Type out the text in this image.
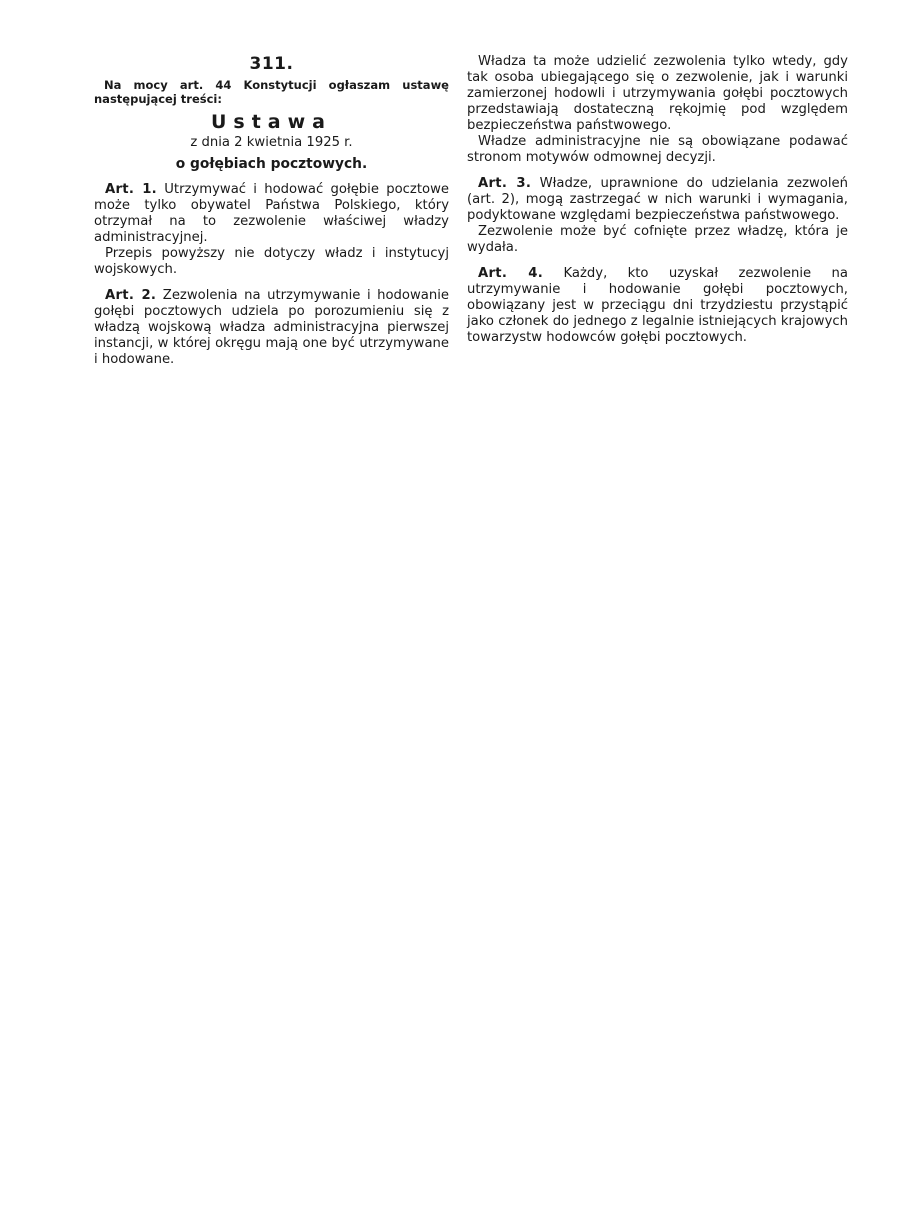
311.
Na mocy art. 44 Konstytucji ogłaszam ustawę następującej treści:
Ustawa
z dnia 2 kwietnia 1925 r.
o gołębiach pocztowych.

Art. 1. Utrzymywać i hodować gołębie pocztowe może tylko obywatel Państwa Polskiego, który otrzymał na to zezwolenie właściwej władzy administracyjnej.

Przepis powyższy nie dotyczy władz i instytucyj wojskowych.

Art. 2. Zezwolenia na utrzymywanie i hodowanie gołębi pocztowych udziela po porozumieniu się z władzą wojskową władza administracyjna pierwszej instancji, w której okręgu mają one być utrzymywane i hodowane.

Władza ta może udzielić zezwolenia tylko wtedy, gdy tak osoba ubiegającego się o zezwolenie, jak i warunki zamierzonej hodowli i utrzymywania gołębi pocztowych przedstawiają dostateczną rękojmię pod względem bezpieczeństwa państwowego.

Władze administracyjne nie są obowiązane podawać stronom motywów odmownej decyzji.

Art. 3. Władze, uprawnione do udzielania zezwoleń (art. 2), mogą zastrzegać w nich warunki i wymagania, podyktowane względami bezpieczeństwa państwowego.

Zezwolenie może być cofnięte przez władzę, która je wydała.

Art. 4. Każdy, kto uzyskał zezwolenie na utrzymywanie i hodowanie gołębi pocztowych, obowiązany jest w przeciągu dni trzydziestu przystąpić jako członek do jednego z legalnie istniejących krajowych towarzystw hodowców gołębi pocztowych.
